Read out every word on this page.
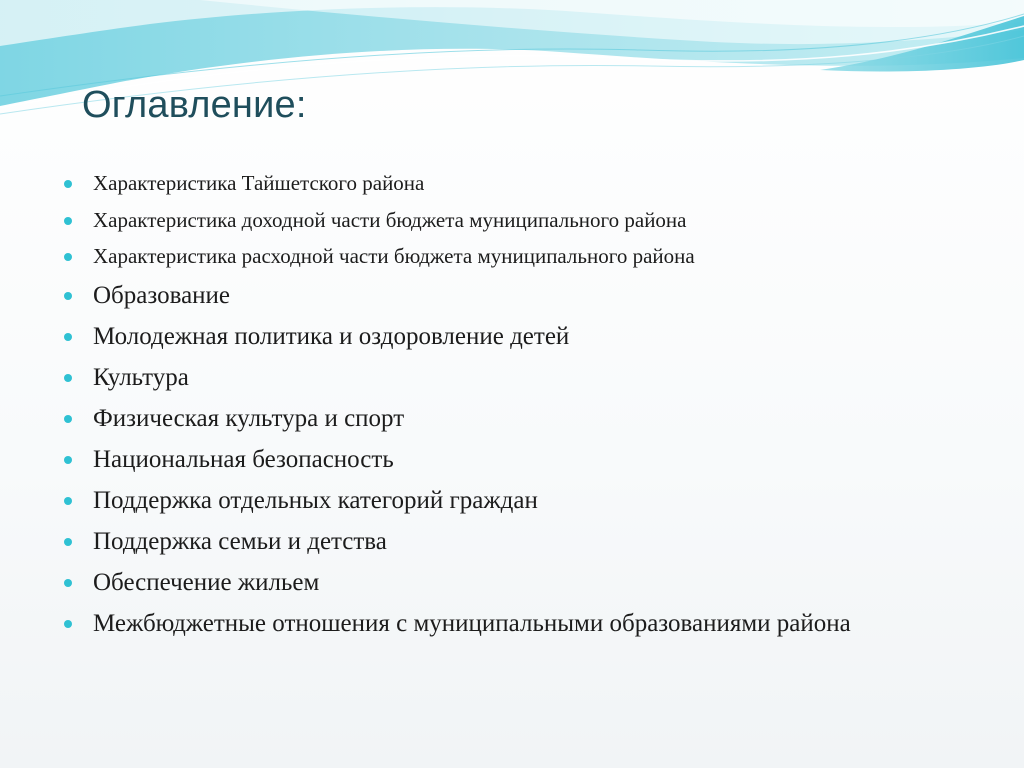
Оглавление:
Характеристика Тайшетского района
Характеристика доходной части бюджета муниципального района
Характеристика расходной части бюджета муниципального района
Образование
Молодежная политика и оздоровление детей
Культура
Физическая культура и спорт
Национальная безопасность
Поддержка отдельных категорий граждан
Поддержка семьи и детства
Обеспечение жильем
Межбюджетные отношения с муниципальными образованиями района
